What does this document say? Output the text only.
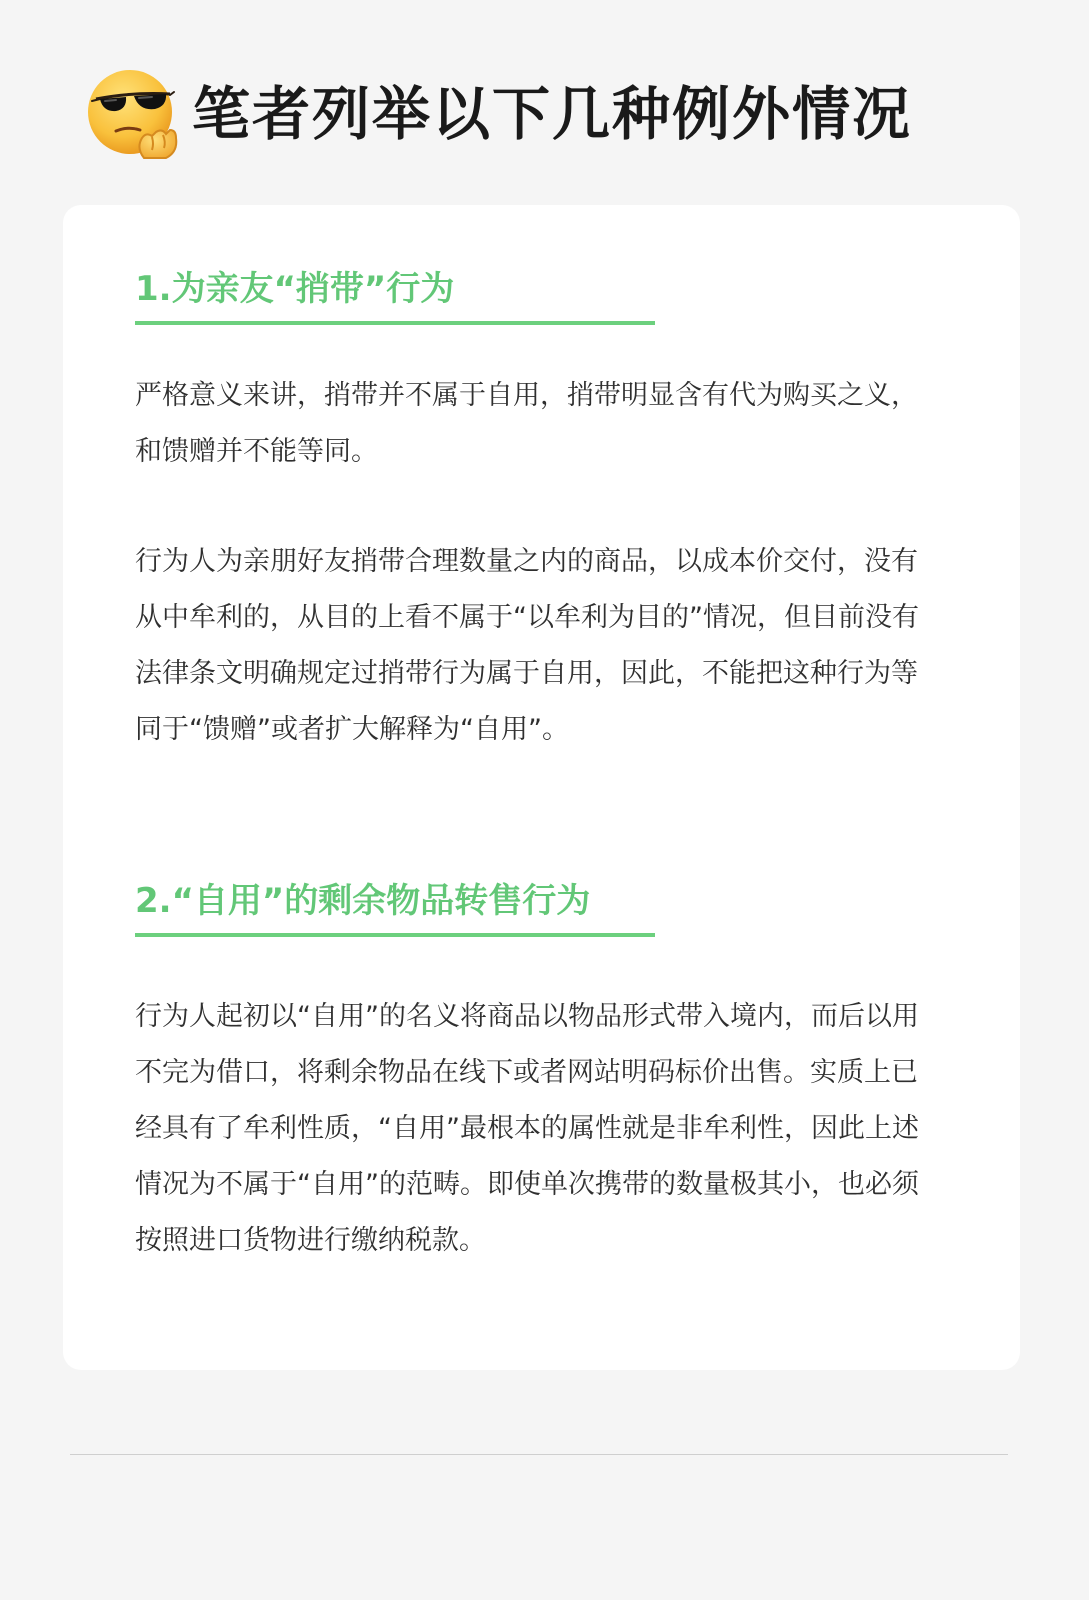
笔者列举以下几种例外情况
1.为亲友“捎带”行为

严格意义来讲，捎带并不属于自用，捎带明显含有代为购买之义，和馈赠并不能等同。

行为人为亲朋好友捎带合理数量之内的商品，以成本价交付，没有从中牟利的，从目的上看不属于“以牟利为目的”情况，但目前没有法律条文明确规定过捎带行为属于自用，因此，不能把这种行为等同于“馈赠”或者扩大解释为“自用”。

2.“自用”的剩余物品转售行为

行为人起初以“自用”的名义将商品以物品形式带入境内，而后以用不完为借口，将剩余物品在线下或者网站明码标价出售。实质上已经具有了牟利性质，“自用”最根本的属性就是非牟利性，因此上述情况为不属于“自用”的范畴。即使单次携带的数量极其小，也必须按照进口货物进行缴纳税款。
